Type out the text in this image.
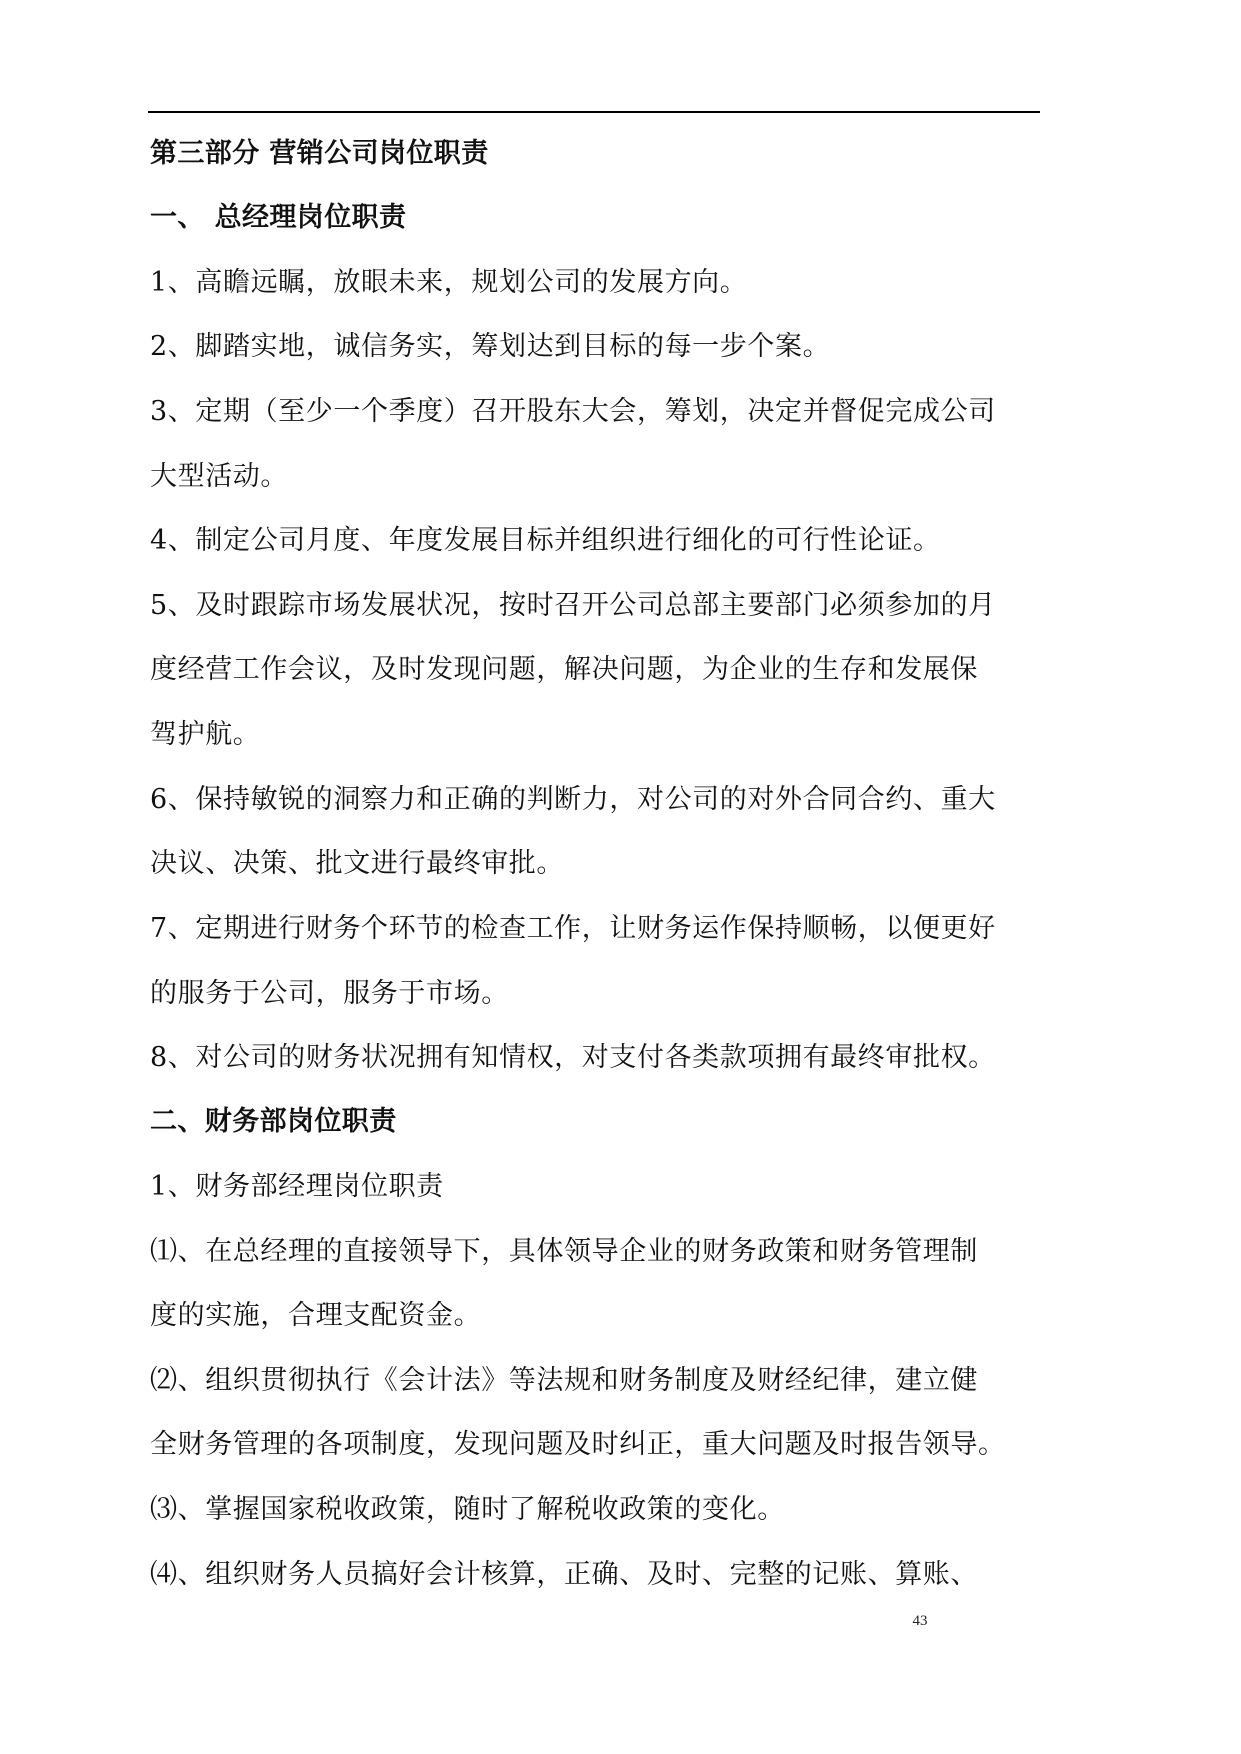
第三部分 营销公司岗位职责
一、 总经理岗位职责
1、高瞻远瞩，放眼未来，规划公司的发展方向。
2、脚踏实地，诚信务实，筹划达到目标的每一步个案。
3、定期（至少一个季度）召开股东大会，筹划，决定并督促完成公司
大型活动。
4、制定公司月度、年度发展目标并组织进行细化的可行性论证。
5、及时跟踪市场发展状况，按时召开公司总部主要部门必须参加的月
度经营工作会议，及时发现问题，解决问题，为企业的生存和发展保
驾护航。
6、保持敏锐的洞察力和正确的判断力，对公司的对外合同合约、重大
决议、决策、批文进行最终审批。
7、定期进行财务个环节的检查工作，让财务运作保持顺畅，以便更好
的服务于公司，服务于市场。
8、对公司的财务状况拥有知情权，对支付各类款项拥有最终审批权。
二、财务部岗位职责
1、财务部经理岗位职责
⑴、在总经理的直接领导下，具体领导企业的财务政策和财务管理制
度的实施，合理支配资金。
⑵、组织贯彻执行《会计法》等法规和财务制度及财经纪律，建立健
全财务管理的各项制度，发现问题及时纠正，重大问题及时报告领导。
⑶、掌握国家税收政策，随时了解税收政策的变化。
⑷、组织财务人员搞好会计核算，正确、及时、完整的记账、算账、
43
